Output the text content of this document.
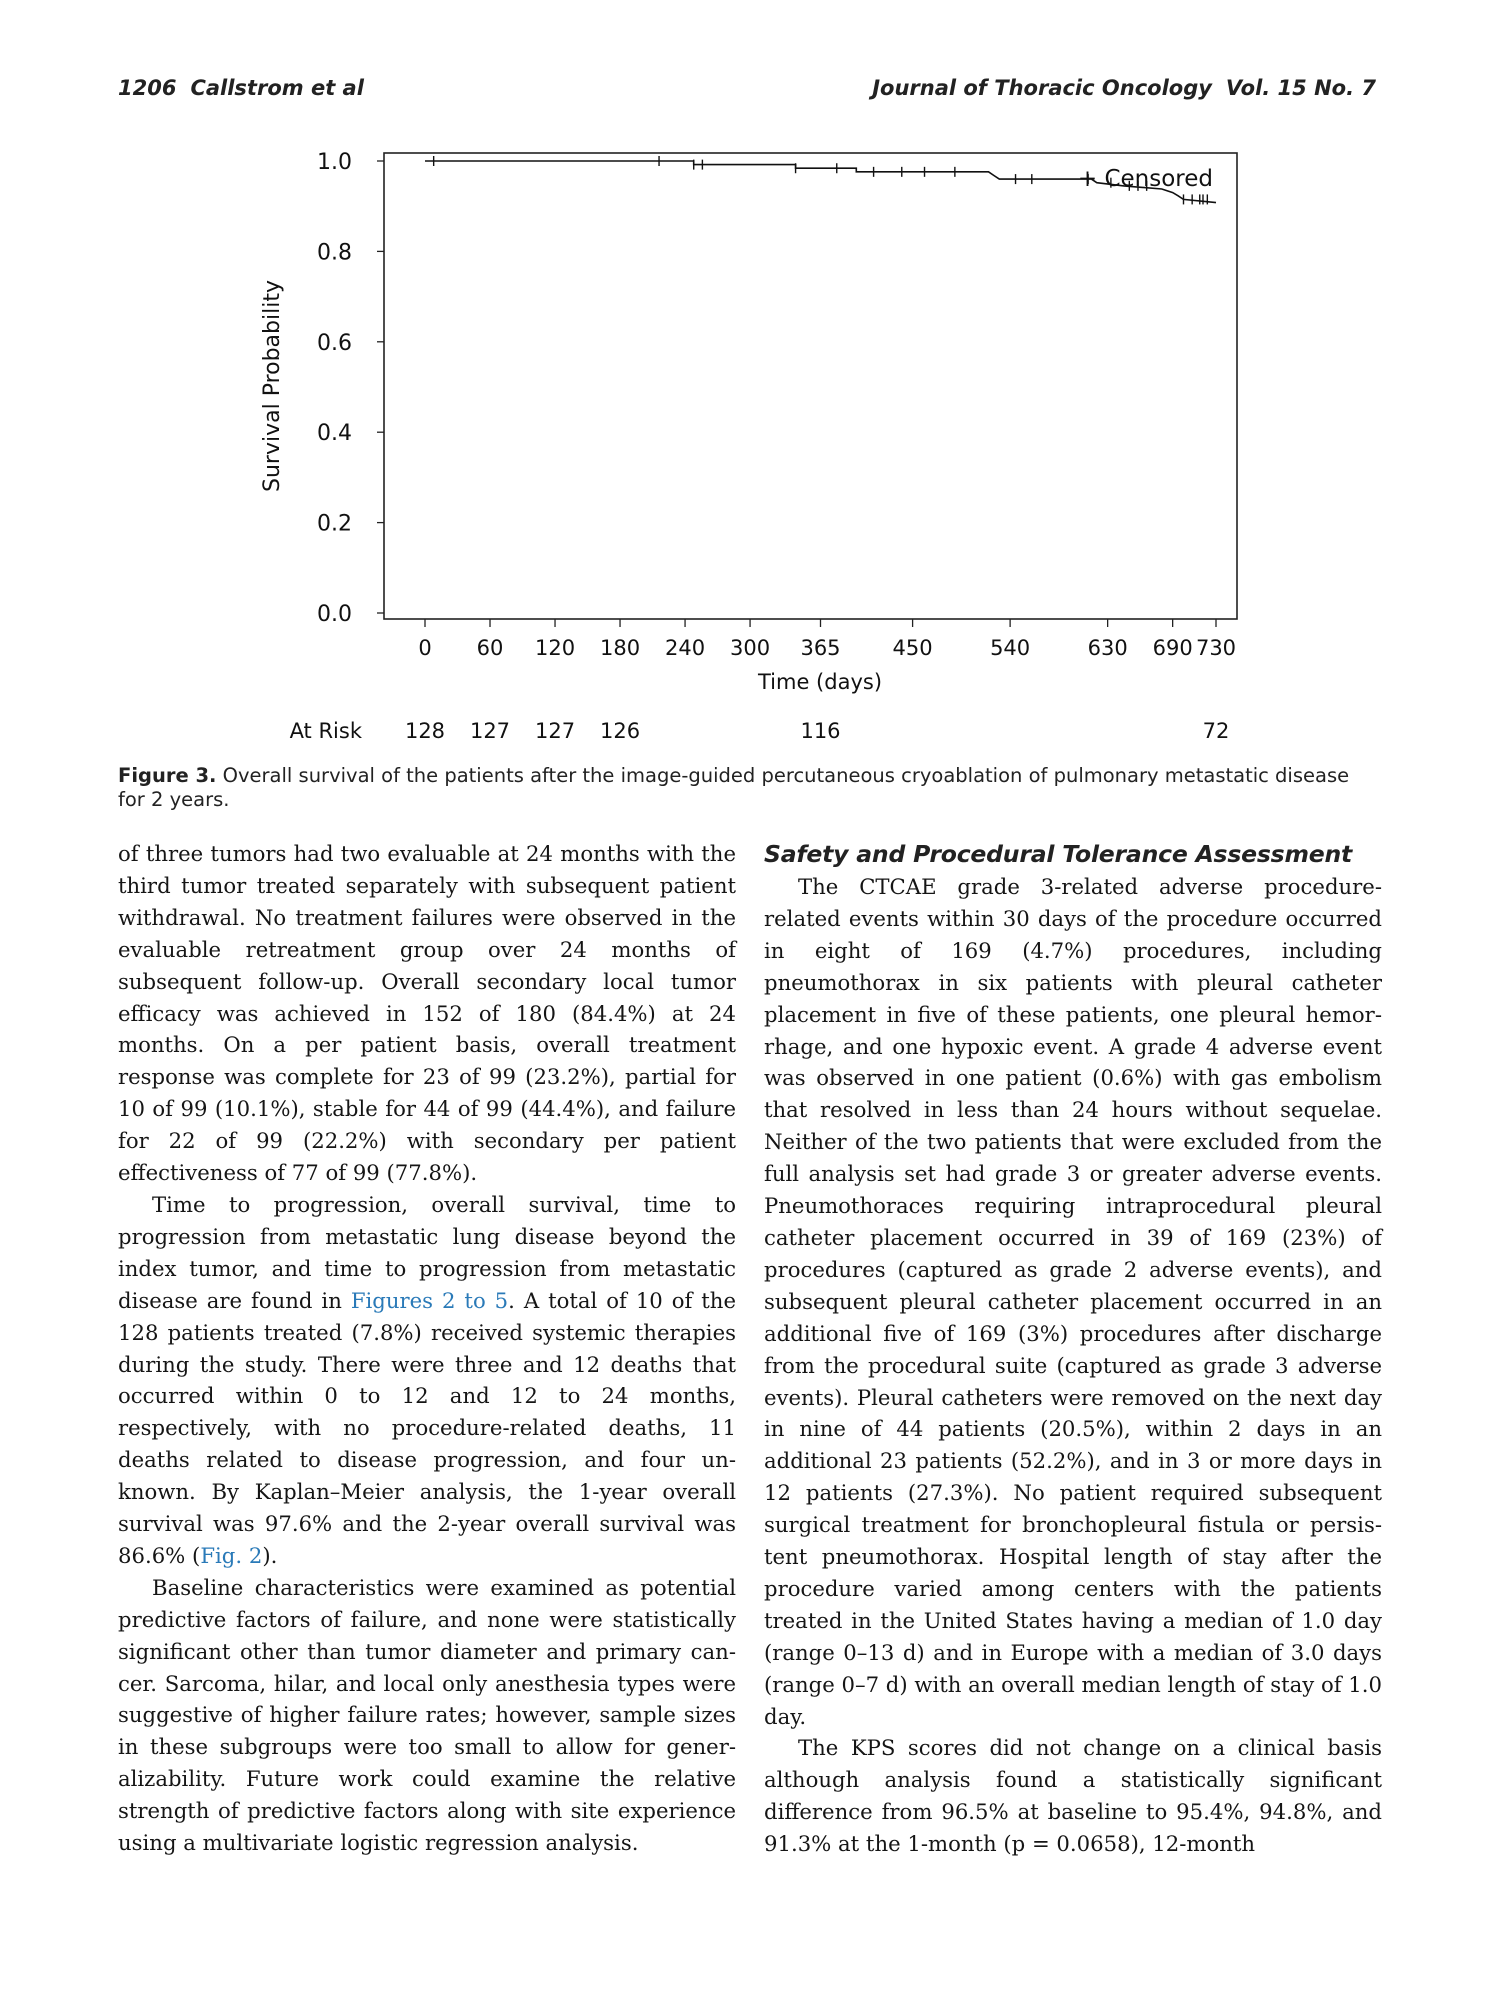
1206 Callstrom et al	Journal of Thoracic Oncology Vol. 15 No. 7
0.0
0.2
0.4
0.6
0.8
1.0
0 60 120 180 240 300 365 450	540	630 690 730
Survival Probability
Time (days)
+ Censored
At Risk 128 127 127 126	116	72
Figure 3. Overall survival of the patients after the image-guided percutaneous cryoablation of pulmonary metastatic disease for 2 years.

of three tumors had two evaluable at 24 months with the third tumor treated separately with subsequent patient withdrawal. No treatment failures were observed in the evaluable retreatment group over 24 months of subsequent follow-up. Overall secondary local tumor efficacy was achieved in 152 of 180 (84.4%) at 24 months. On a per patient basis, overall treatment response was complete for 23 of 99 (23.2%), partial for 10 of 99 (10.1%), stable for 44 of 99 (44.4%), and failure for 22 of 99 (22.2%) with secondary per patient effectiveness of 77 of 99 (77.8%).

Time to progression, overall survival, time to progression from metastatic lung disease beyond the index tumor, and time to progression from metastatic disease are found in Figures 2 to 5. A total of 10 of the 128 patients treated (7.8%) received systemic therapies during the study. There were three and 12 deaths that occurred within 0 to 12 and 12 to 24 months, respectively, with no procedure-related deaths, 11 deaths related to disease progression, and four unknown. By Kaplan–Meier analysis, the 1-year overall survival was 97.6% and the 2-year overall survival was 86.6% (Fig. 2).

Baseline characteristics were examined as potential predictive factors of failure, and none were statistically significant other than tumor diameter and primary cancer. Sarcoma, hilar, and local only anesthesia types were suggestive of higher failure rates; however, sample sizes in these subgroups were too small to allow for generalizability. Future work could examine the relative strength of predictive factors along with site experience using a multivariate logistic regression analysis.

Safety and Procedural Tolerance Assessment

The CTCAE grade 3-related adverse procedure-related events within 30 days of the procedure occurred in eight of 169 (4.7%) procedures, including pneumothorax in six patients with pleural catheter placement in five of these patients, one pleural hemorrhage, and one hypoxic event. A grade 4 adverse event was observed in one patient (0.6%) with gas embolism that resolved in less than 24 hours without sequelae. Neither of the two patients that were excluded from the full analysis set had grade 3 or greater adverse events. Pneumothoraces requiring intraprocedural pleural catheter placement occurred in 39 of 169 (23%) of procedures (captured as grade 2 adverse events), and subsequent pleural catheter placement occurred in an additional five of 169 (3%) procedures after discharge from the procedural suite (captured as grade 3 adverse events). Pleural catheters were removed on the next day in nine of 44 patients (20.5%), within 2 days in an additional 23 patients (52.2%), and in 3 or more days in 12 patients (27.3%). No patient required subsequent surgical treatment for bronchopleural fistula or persistent pneumothorax. Hospital length of stay after the procedure varied among centers with the patients treated in the United States having a median of 1.0 day (range 0–13 d) and in Europe with a median of 3.0 days (range 0–7 d) with an overall median length of stay of 1.0 day.

The KPS scores did not change on a clinical basis although analysis found a statistically significant difference from 96.5% at baseline to 95.4%, 94.8%, and 91.3% at the 1-month (p = 0.0658), 12-month
